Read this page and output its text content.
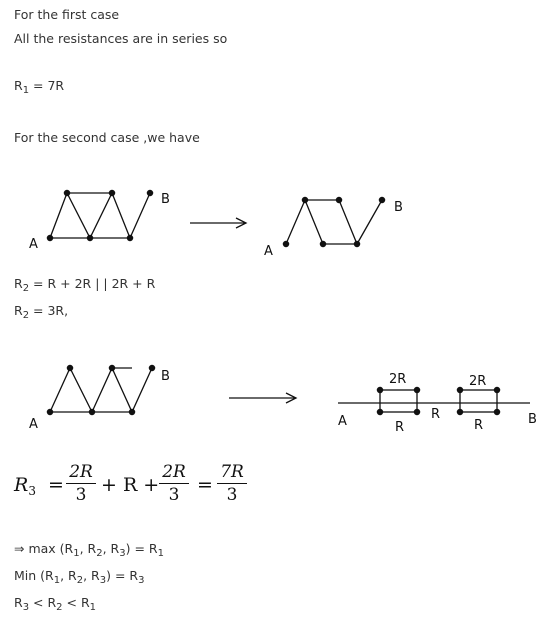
For the first case
All the resistances are in series so
$R_1 = 7R$
For the second case ,we have
$R_2 = R + 2R$ | | 2R + R
$R_2 = 3R$,
⇒ $\max (R_1$, $R_2$, $R_3) = R_1$
Min ($R_1$, $R_2$, $R_3) = R_3$
$R_3 < R_2 < R_1$
$R_3$ =
2R
3 + R +
2R
3 =
7R
3
A
B
A
B
A
B
A	B
2R	2R
R
R
R
